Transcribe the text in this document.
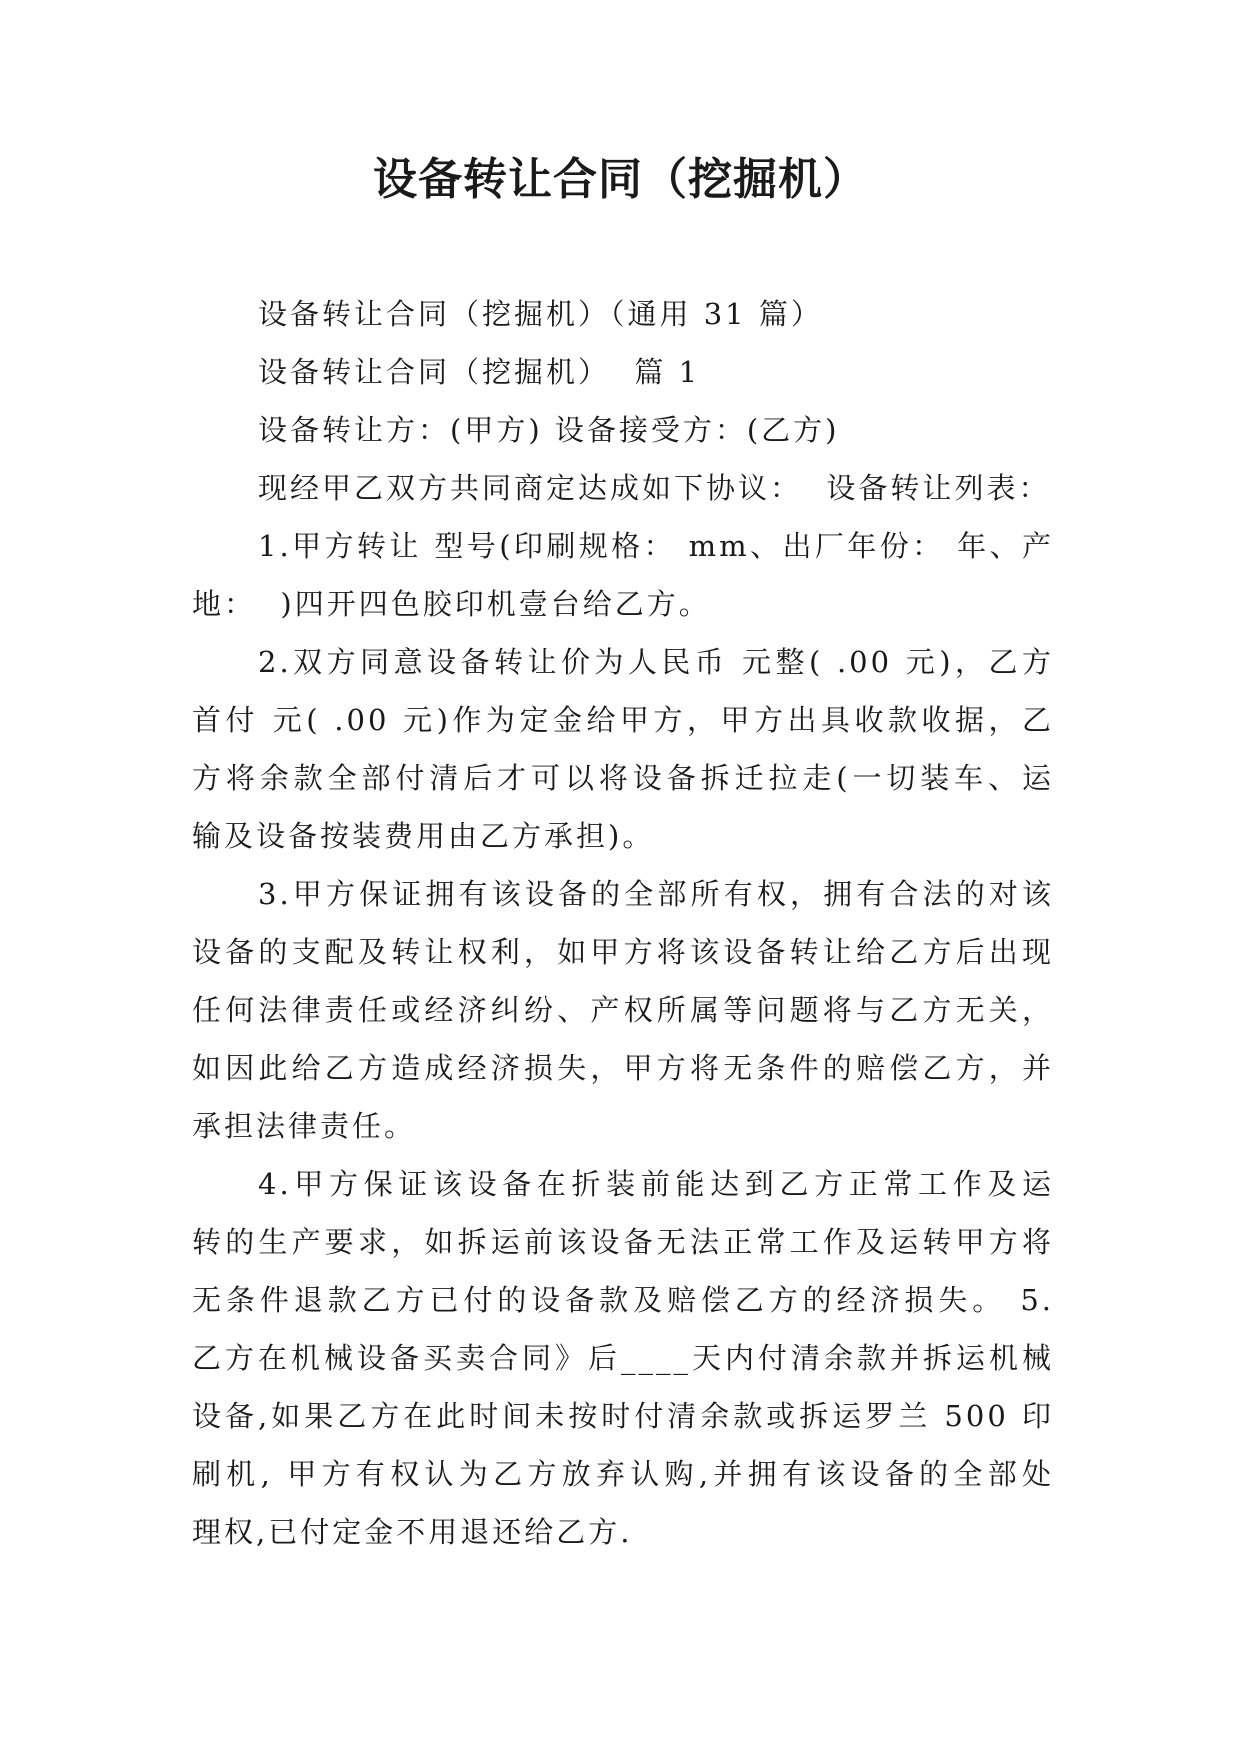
设备转让合同（挖掘机）
设备转让合同（挖掘机）（通用 31 篇）
设备转让合同（挖掘机）  篇 1
设备转让方：(甲方) 设备接受方：(乙方)
现经甲乙双方共同商定达成如下协议：  设备转让列表：
1.甲方转让 型号(印刷规格： mm、出厂年份： 年、产
地：  )四开四色胶印机壹台给乙方。
2.双方同意设备转让价为人民币 元整( .00 元)，乙方
首付 元( .00 元)作为定金给甲方，甲方出具收款收据，乙
方将余款全部付清后才可以将设备拆迁拉走(一切装车、运
输及设备按装费用由乙方承担)。
3.甲方保证拥有该设备的全部所有权，拥有合法的对该
设备的支配及转让权利，如甲方将该设备转让给乙方后出现
任何法律责任或经济纠纷、产权所属等问题将与乙方无关，
如因此给乙方造成经济损失，甲方将无条件的赔偿乙方，并
承担法律责任。
4.甲方保证该设备在折装前能达到乙方正常工作及运
转的生产要求，如拆运前该设备无法正常工作及运转甲方将
无条件退款乙方已付的设备款及赔偿乙方的经济损失。 5.
乙方在机械设备买卖合同》后____天内付清余款并拆运机械
设备,如果乙方在此时间未按时付清余款或拆运罗兰 500 印
刷机, 甲方有权认为乙方放弃认购,并拥有该设备的全部处
理权,已付定金不用退还给乙方.
